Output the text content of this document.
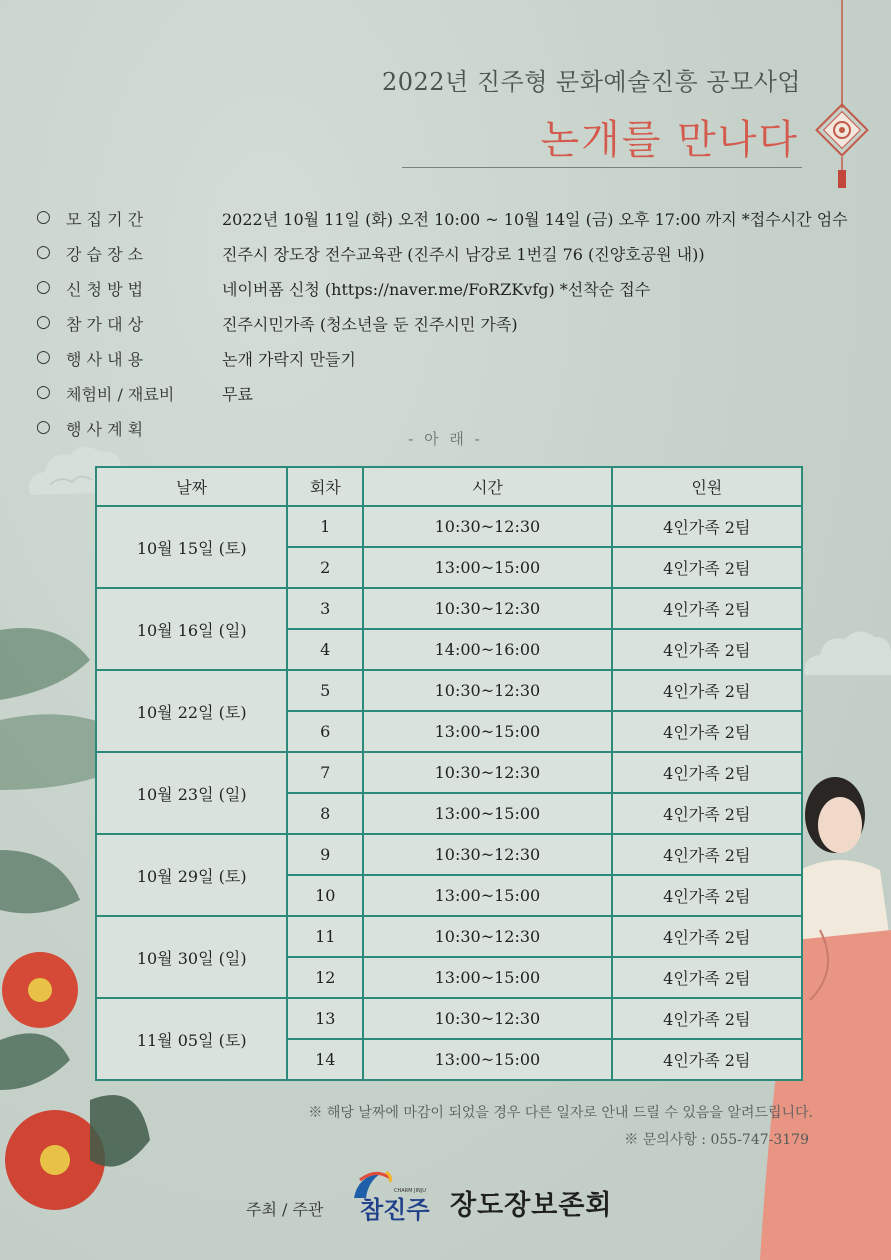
2022년 진주형 문화예술진흥 공모사업
논개를 만나다
○ 모 집 기 간	2022년 10월 11일 (화) 오전 10:00 ~ 10월 14일 (금) 오후 17:00 까지 *접수시간 엄수
○ 강 습 장 소	진주시 장도장 전수교육관 (진주시 남강로 1번길 76 (진양호공원 내))
○ 신 청 방 법	네이버폼 신청 (https://naver.me/FoRZKvfg) *선착순 접수
○ 참 가 대 상	진주시민가족 (청소년을 둔 진주시민 가족)
○ 행 사 내 용	논개 가락지 만들기
○ 체험비 / 재료비	무료
○ 행 사 계 획	- 아 래 -
날짜	회차	시간	인원
10월 15일 (토)	1	10:30~12:30	4인가족 2팀
	2	13:00~15:00	4인가족 2팀
10월 16일 (일)	3	10:30~12:30	4인가족 2팀
	4	14:00~16:00	4인가족 2팀
10월 22일 (토)	5	10:30~12:30	4인가족 2팀
	6	13:00~15:00	4인가족 2팀
10월 23일 (일)	7	10:30~12:30	4인가족 2팀
	8	13:00~15:00	4인가족 2팀
10월 29일 (토)	9	10:30~12:30	4인가족 2팀
	10	13:00~15:00	4인가족 2팀
10월 30일 (일)	11	10:30~12:30	4인가족 2팀
	12	13:00~15:00	4인가족 2팀
11월 05일 (토)	13	10:30~12:30	4인가족 2팀
	14	13:00~15:00	4인가족 2팀
※ 해당 날짜에 마감이 되었을 경우 다른 일자로 안내 드릴 수 있음을 알려드립니다.
※ 문의사항 : 055-747-3179
주최 / 주관 참진주
CHARM JINJU 장도장보존회
